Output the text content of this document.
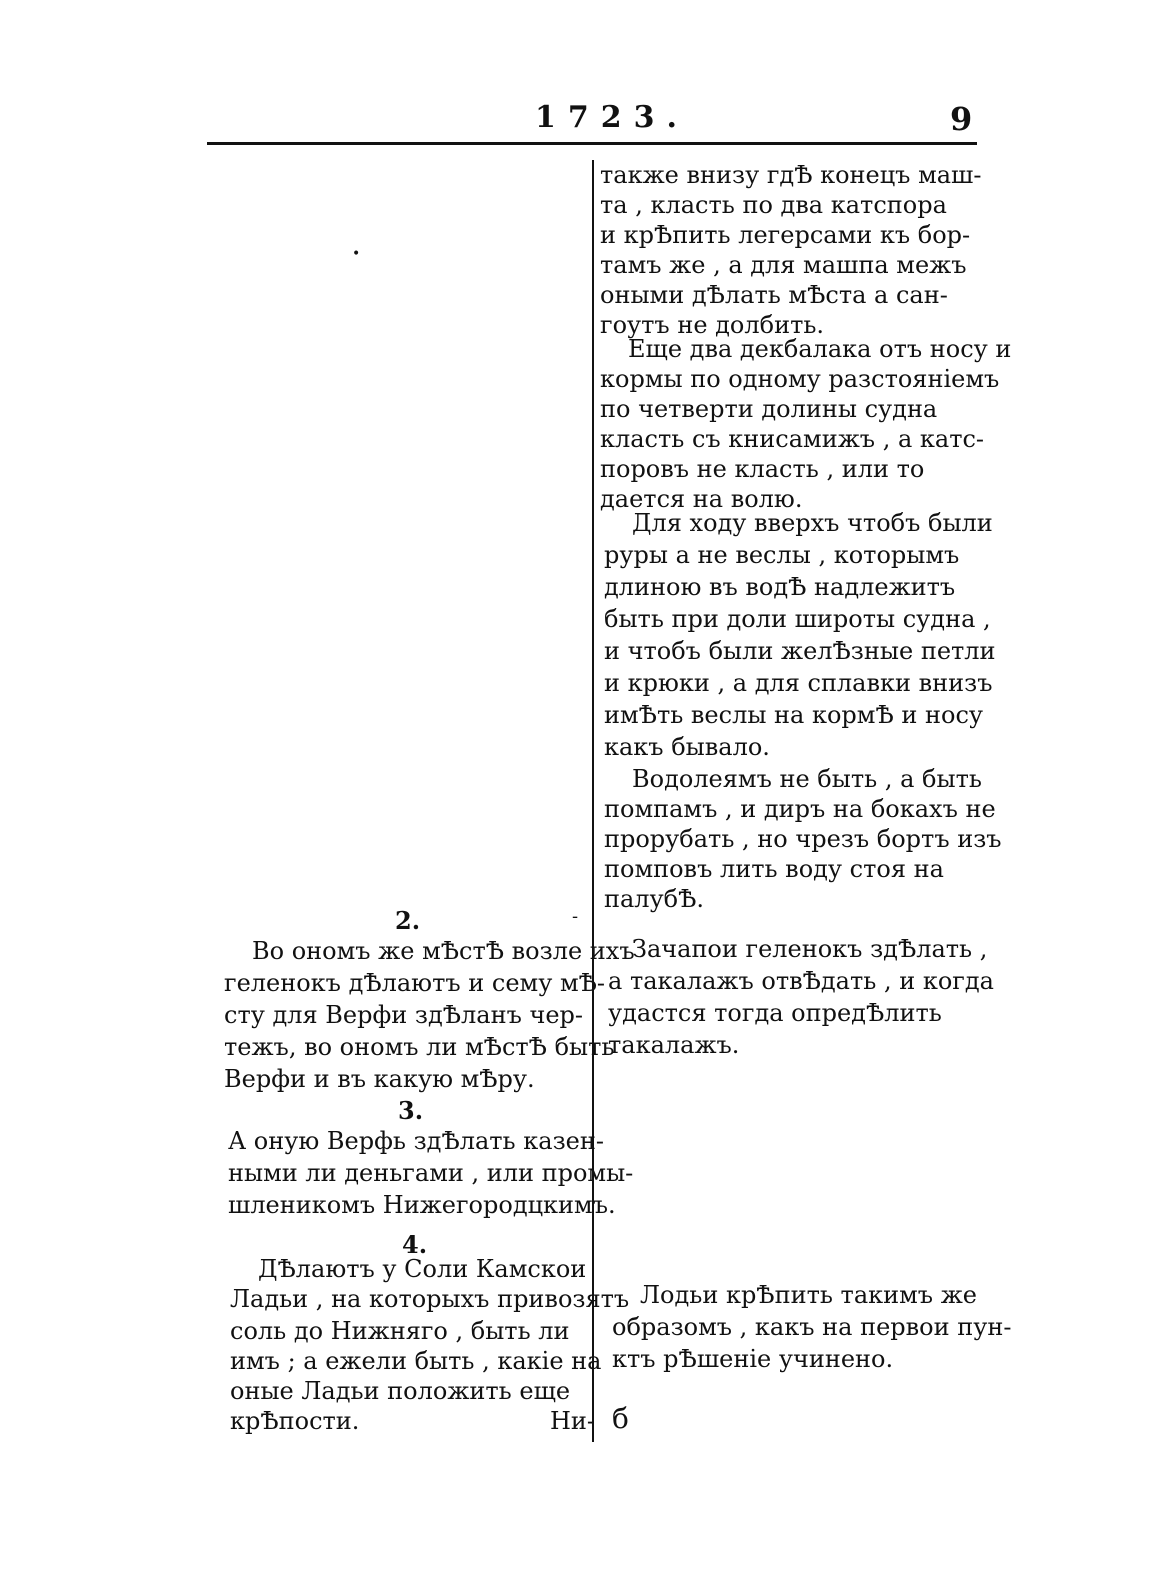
1723.	9
•
также внизу гдѢ конецъ маш-
та , класть по два катспора
и крѢпить легерсами къ бор-
тамъ же , а для машпа межъ
оными дѢлать мѢста а сан-
гоутъ не долбить.
Еще два декбалака отъ носу и
кормы по одному разстояніемъ
по четверти долины судна
класть съ книсамижъ , а катс-
поровъ не класть , или то
дается на волю.
Для ходу вверхъ чтобъ были
руры а не веслы , которымъ
длиною въ водѢ надлежитъ
быть при доли широты судна ,
и чтобъ были желѢзные петли
и крюки , а для сплавки внизъ
имѢть веслы на кормѢ и носу
какъ бывало.
Водолеямъ не быть , а быть
помпамъ , и диръ на бокахъ не
прорубать , но чрезъ бортъ изъ
помповъ лить воду стоя на
палубѢ.
Зачапои геленокъ здѢлать ,
а такалажъ отвѢдать , и когда
удастся тогда опредѢлить
такалажъ.
Лодьи крѢпить такимъ же
образомъ , какъ на первои пун-
ктъ рѢшеніе учинено.
б
2.	-
Во ономъ же мѢстѢ возле ихъ
геленокъ дѢлаютъ и сему мѢ-
сту для Верфи здѢланъ чер-
тежъ, во ономъ ли мѢстѢ быть
Верфи и въ какую мѢру.
3.
А оную Верфь здѢлать казен-
ными ли деньгами , или промы-
шленикомъ Нижегородцкимъ.
4.
ДѢлаютъ у Соли Камскои
Ладьи , на которыхъ привозятъ
соль до Нижняго , быть ли
имъ ; а ежели быть , какіе на
оные Ладьи положить еще
крѢпости.	Ни-
